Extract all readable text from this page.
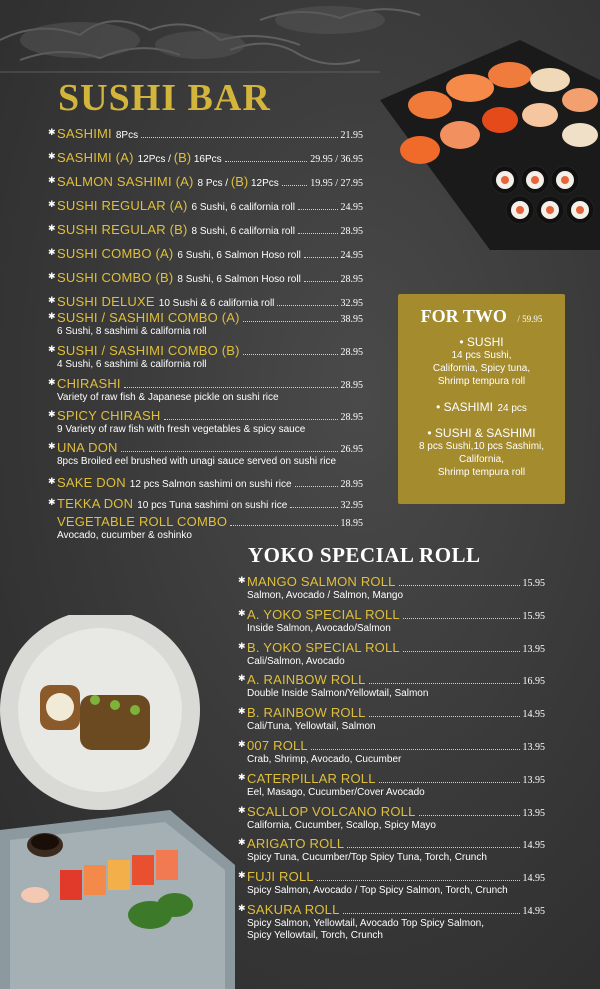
SUSHI BAR
✱ SASHIMI 8Pcs	21.95
✱ SASHIMI (A) 12Pcs / (B) 16Pcs	29.95 / 36.95
✱ SALMON SASHIMI (A) 8 Pcs / (B) 12Pcs	19.95 / 27.95
✱ SUSHI REGULAR (A) 6 Sushi, 6 california roll	24.95
✱ SUSHI REGULAR (B) 8 Sushi, 6 california roll	28.95
✱ SUSHI COMBO (A) 6 Sushi, 6 Salmon Hoso roll	24.95
✱ SUSHI COMBO (B) 8 Sushi, 6 Salmon Hoso roll	28.95
✱ SUSHI DELUXE 10 Sushi & 6 california roll	32.95
✱ SUSHI / SASHIMI COMBO (A)	38.95
6 Sushi, 8 sashimi & california roll
✱ SUSHI / SASHIMI COMBO (B)	28.95
4 Sushi, 6 sashimi & california roll
✱ CHIRASHI	28.95
Variety of raw fish & Japanese pickle on sushi rice
✱ SPICY CHIRASH	28.95
9 Variety of raw fish with fresh vegetables & spicy sauce
✱ UNA DON	26.95
8pcs Broiled eel brushed with unagi sauce served on sushi rice
✱ SAKE DON 12 pcs Salmon sashimi on sushi rice	28.95
✱ TEKKA DON 10 pcs Tuna sashimi on sushi rice	32.95
VEGETABLE ROLL COMBO	18.95
Avocado, cucumber & oshinko
FOR TWO / 59.95
• SUSHI
14 pcs Sushi,
California, Spicy tuna,
Shrimp tempura roll
• SASHIMI 24 pcs
• SUSHI & SASHIMI
8 pcs Sushi,10 pcs Sashimi,
California,
Shrimp tempura roll
YOKO SPECIAL ROLL
✱ MANGO SALMON ROLL	15.95
Salmon, Avocado / Salmon, Mango
✱ A. YOKO SPECIAL ROLL	15.95
Inside Salmon, Avocado/Salmon
✱ B. YOKO SPECIAL ROLL	13.95
Cali/Salmon, Avocado
✱ A. RAINBOW ROLL	16.95
Double Inside Salmon/Yellowtail, Salmon
✱ B. RAINBOW ROLL	14.95
Cali/Tuna, Yellowtail, Salmon
✱ 007 ROLL	13.95
Crab, Shrimp, Avocado, Cucumber
✱ CATERPILLAR ROLL	13.95
Eel, Masago, Cucumber/Cover Avocado
✱ SCALLOP VOLCANO ROLL	13.95
California, Cucumber, Scallop, Spicy Mayo
✱ ARIGATO ROLL	14.95
Spicy Tuna, Cucumber/Top Spicy Tuna, Torch, Crunch
✱ FUJI ROLL	14.95
Spicy Salmon, Avocado / Top Spicy Salmon, Torch, Crunch
✱ SAKURA ROLL	14.95
Spicy Salmon, Yellowtail, Avocado Top Spicy Salmon,
Spicy Yellowtail, Torch, Crunch
